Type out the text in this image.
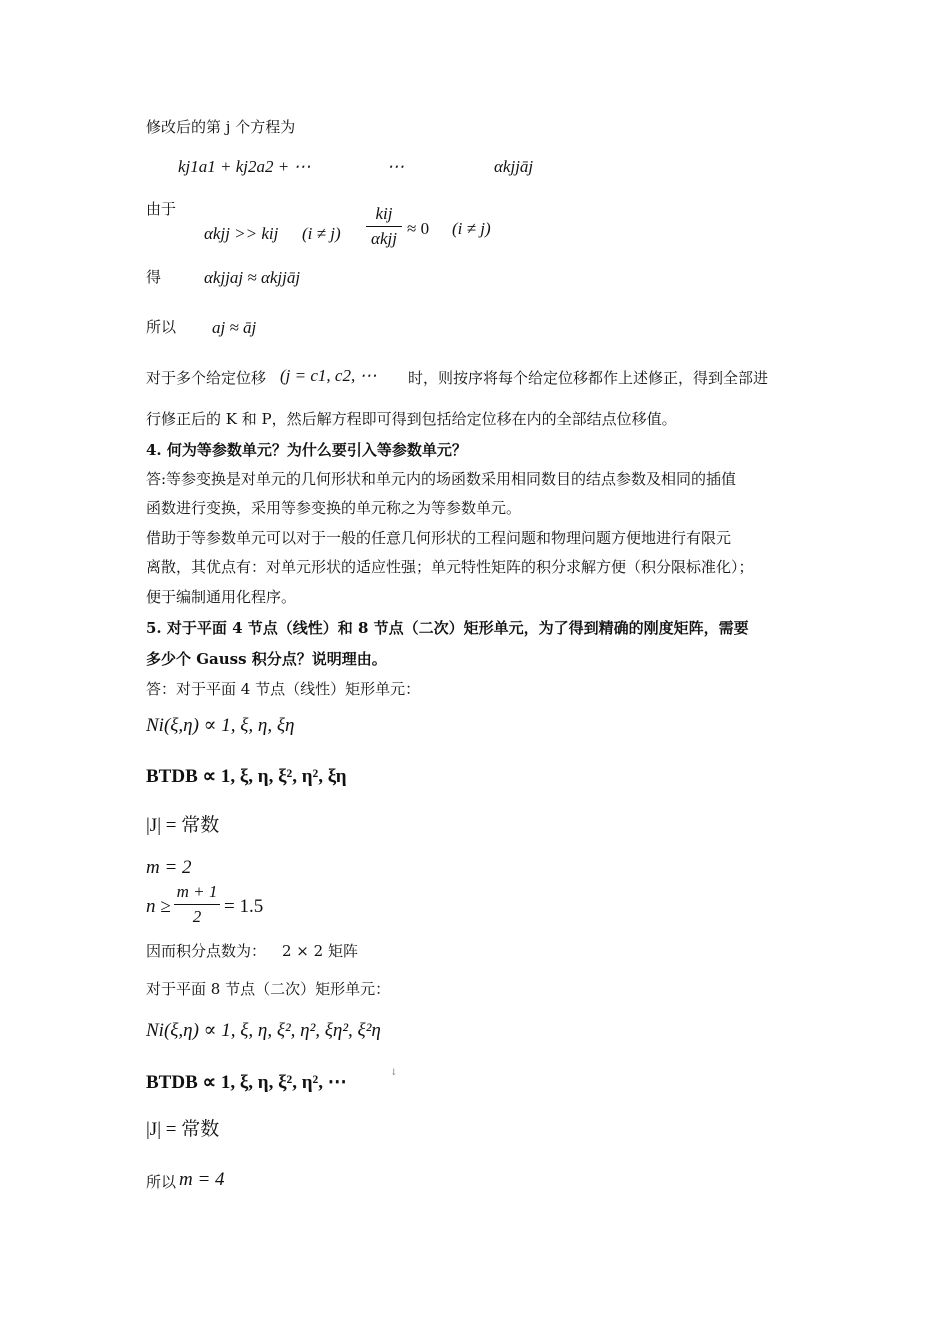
修改后的第 j 个方程为
kj1a1 + kj2a2 + ⋯	⋯	αkjjāj
由于
αkjj >> kij (i ≠ j)
kij
αkjj
≈ 0 (i ≠ j)
得	αkjjaj ≈ αkjjāj
所以 aj ≈ āj
对于多个给定位移 (j = c1, c2, ⋯ 时，则按序将每个给定位移都作上述修正，得到全部进
行修正后的 K 和 P，然后解方程即可得到包括给定位移在内的全部结点位移值。
4. 何为等参数单元？为什么要引入等参数单元？
答:等参变换是对单元的几何形状和单元内的场函数采用相同数目的结点参数及相同的插值
函数进行变换，采用等参变换的单元称之为等参数单元。
借助于等参数单元可以对于一般的任意几何形状的工程问题和物理问题方便地进行有限元
离散，其优点有：对单元形状的适应性强；单元特性矩阵的积分求解方便（积分限标准化）；
便于编制通用化程序。
5. 对于平面 4 节点（线性）和 8 节点（二次）矩形单元，为了得到精确的刚度矩阵，需要
多少个 Gauss 积分点？说明理由。
答：对于平面 4 节点（线性）矩形单元：
Ni(ξ,η) ∝ 1, ξ, η, ξη
BTDB ∝ 1, ξ, η, ξ², η², ξη
|J| = 常数
m = 2
n ≥
m + 1
2	= 1.5
因而积分点数为： 2 × 2 矩阵
对于平面 8 节点（二次）矩形单元：
Ni(ξ,η) ∝ 1, ξ, η, ξ², η², ξη², ξ²η
BTDB ∝ 1, ξ, η, ξ², η², ⋯	↓
|J| = 常数
所以 m = 4
